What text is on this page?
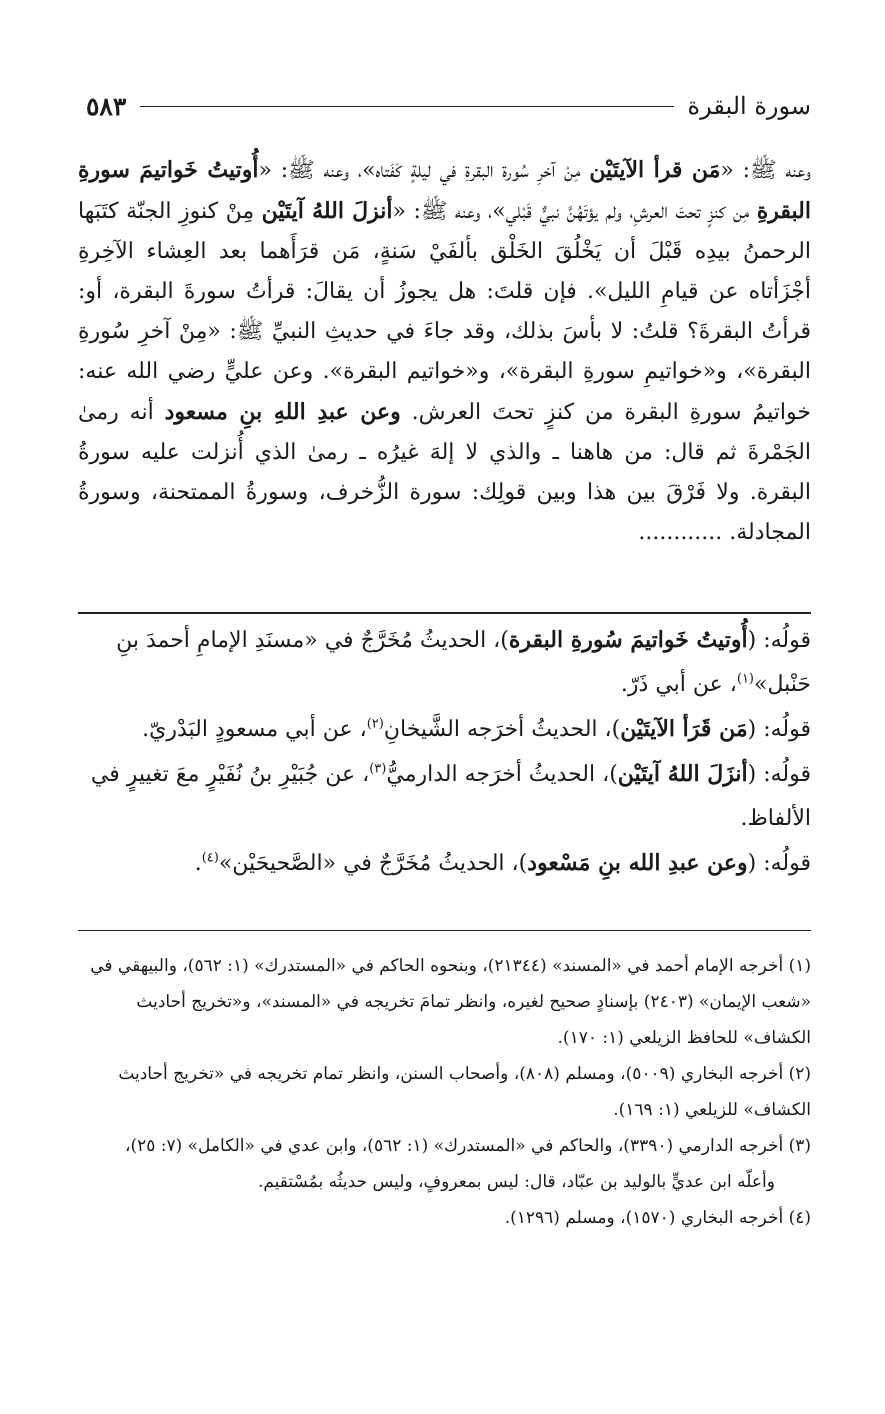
سورة البقرة
٥٨٣

وعنه ﷺ: «مَن قرأ الآيتَيْن مِنْ آخرِ سُورة البقرةِ في ليلةٍ كَفَتاه»، وعنه ﷺ: «أُوتيتُ خَواتيمَ سورةِ البقرةِ مِن كنزٍ تحتَ العرشِ، ولم يؤتَهُنَّ نبيٌّ قَبْلي»، وعنه ﷺ: «أنزلَ اللهُ آيتَيْن مِنْ كنوزِ الجنّة كتَبَها الرحمنُ بيدِه قَبْلَ أن يَخْلُقَ الخَلْق بألفَيْ سَنةٍ، مَن قرَأَهما بعد العِشاء الآخِرةِ أجْزَأتاه عن قيامِ الليل». فإن قلتَ: هل يجوزُ أن يقالَ: قرأتُ سورةَ البقرة، أو: قرأتُ البقرةَ؟ قلتُ: لا بأسَ بذلك، وقد جاءَ في حديثِ النبيِّ ﷺ: «مِنْ آخرِ سُورةِ البقرة»، و«خواتيمِ سورةِ البقرة»، و«خواتيم البقرة». وعن عليٍّ رضي الله عنه: خواتيمُ سورةِ البقرة من كنزٍ تحتَ العرش. وعن عبدِ اللهِ بنِ مسعود أنه رمىٰ الجَمْرةَ ثم قال: من هاهنا ـ والذي لا إلهَ غيرُه ـ رمىٰ الذي أُنزلت عليه سورةُ البقرة. ولا فَرْقَ بين هذا وبين قولِك: سورة الزُّخرف، وسورةُ الممتحنة، وسورةُ المجادلة. ............

قولُه: (أُوتيتُ خَواتيمَ سُورةِ البقرة)، الحديثُ مُخَرَّجٌ في «مسنَدِ الإمامِ أحمدَ بنِ حَنْبل»$^{(١)}$، عن أبي ذَرّ.

قولُه: (مَن قَرَأ الآيتَيْن)، الحديثُ أخرَجه الشَّيخانِ$^{(٢)}$، عن أبي مسعودٍ البَدْريّ.

قولُه: (أنزَلَ اللهُ آيتَيْن)، الحديثُ أخرَجه الدارميُّ$^{(٣)}$، عن جُبَيْرِ بنُ نُفَيْرٍ معَ تغييرٍ في الألفاظ.

قولُه: (وعن عبدِ الله بنِ مَسْعود)، الحديثُ مُخَرَّجٌ في «الصَّحيحَيْن»$^{(٤)}$.

(١) أخرجه الإمام أحمد في «المسند» (٢١٣٤٤)، وبنحوه الحاكم في «المستدرك» (١: ٥٦٢)، والبيهقي في «شعب الإيمان» (٢٤٠٣) بإسنادٍ صحيح لغيره، وانظر تمامَ تخريجه في «المسند»، و«تخريج أحاديث الكشاف» للحافظ الزيلعي (١: ١٧٠).

(٢) أخرجه البخاري (٥٠٠٩)، ومسلم (٨٠٨)، وأصحاب السنن، وانظر تمام تخريجه في «تخريج أحاديث الكشاف» للزيلعي (١: ١٦٩).

(٣) أخرجه الدارمي (٣٣٩٠)، والحاكم في «المستدرك» (١: ٥٦٢)، وابن عدي في «الكامل» (٧: ٢٥)،

وأعلّه ابن عديٍّ بالوليد بن عبّاد، قال: ليس بمعروفٍ، وليس حديثُه بمُسْتقيم.

(٤) أخرجه البخاري (١٥٧٠)، ومسلم (١٢٩٦).
